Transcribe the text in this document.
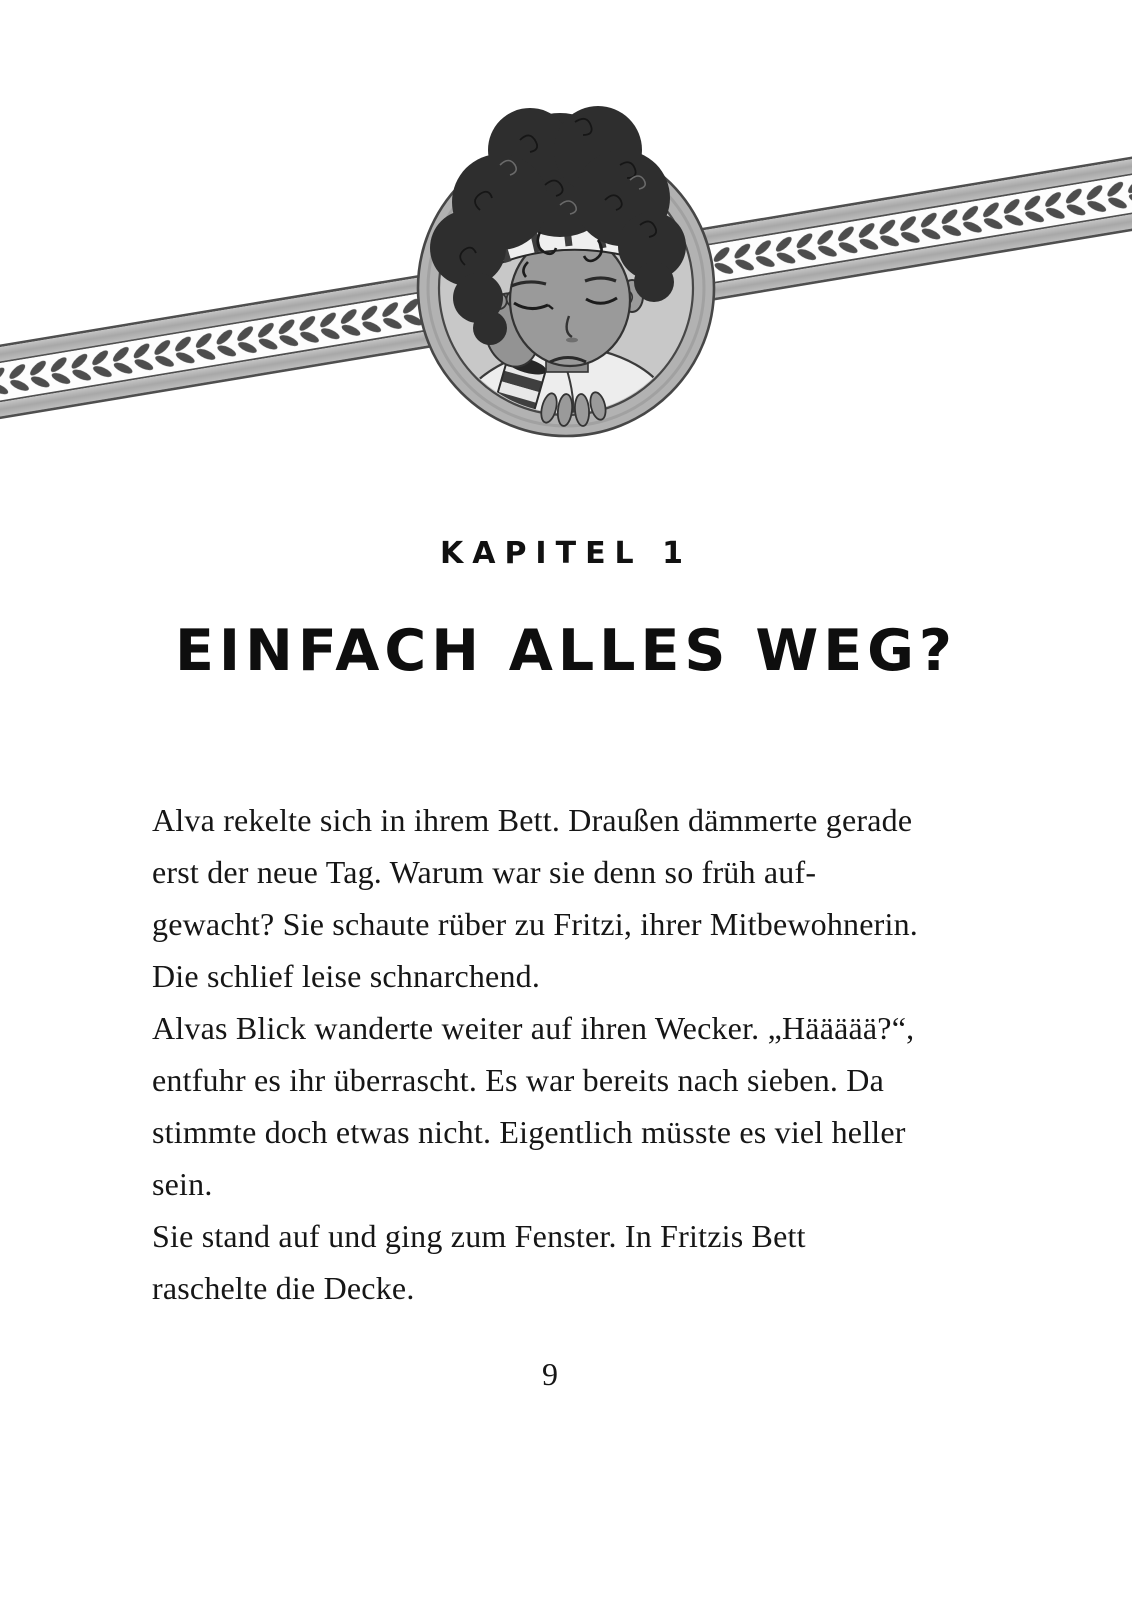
KAPITEL 1
EINFACH ALLES WEG?
Alva rekelte sich in ihrem Bett. Draußen dämmerte gerade
erst der neue Tag. Warum war sie denn so früh auf-
gewacht? Sie schaute rüber zu Fritzi, ihrer Mitbewohnerin.
Die schlief leise schnarchend.
Alvas Blick wanderte weiter auf ihren Wecker. „Häääää?“,
entfuhr es ihr überrascht. Es war bereits nach sieben. Da
stimmte doch etwas nicht. Eigentlich müsste es viel heller
sein.
Sie stand auf und ging zum Fenster. In Fritzis Bett
raschelte die Decke.
9
